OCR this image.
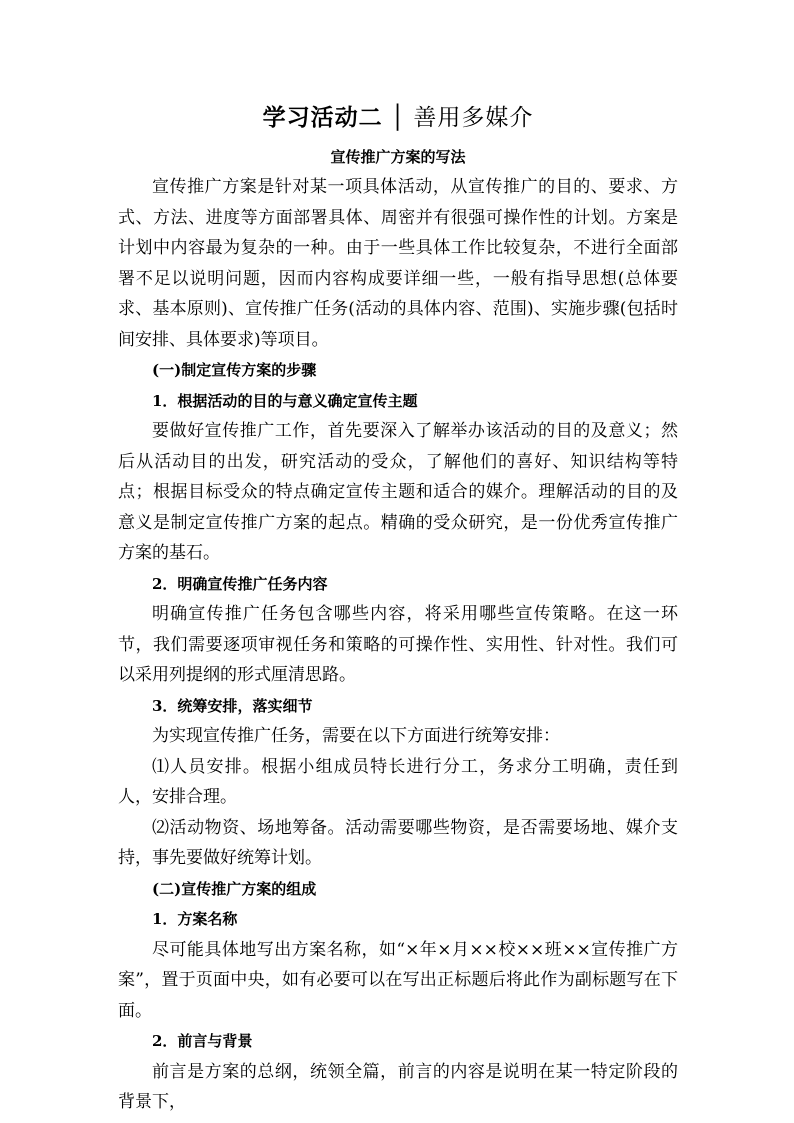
学习活动二 │ 善用多媒介

宣传推广方案的写法

宣传推广方案是针对某一项具体活动，从宣传推广的目的、要求、方式、方法、进度等方面部署具体、周密并有很强可操作性的计划。方案是计划中内容最为复杂的一种。由于一些具体工作比较复杂，不进行全面部署不足以说明问题，因而内容构成要详细一些，一般有指导思想(总体要求、基本原则)、宣传推广任务(活动的具体内容、范围)、实施步骤(包括时间安排、具体要求)等项目。

(一)制定宣传方案的步骤

1．根据活动的目的与意义确定宣传主题

要做好宣传推广工作，首先要深入了解举办该活动的目的及意义；然后从活动目的出发，研究活动的受众，了解他们的喜好、知识结构等特点；根据目标受众的特点确定宣传主题和适合的媒介。理解活动的目的及意义是制定宣传推广方案的起点。精确的受众研究，是一份优秀宣传推广方案的基石。

2．明确宣传推广任务内容

明确宣传推广任务包含哪些内容，将采用哪些宣传策略。在这一环节，我们需要逐项审视任务和策略的可操作性、实用性、针对性。我们可以采用列提纲的形式厘清思路。

3．统筹安排，落实细节

为实现宣传推广任务，需要在以下方面进行统筹安排：

⑴人员安排。根据小组成员特长进行分工，务求分工明确，责任到人，安排合理。

⑵活动物资、场地筹备。活动需要哪些物资，是否需要场地、媒介支持，事先要做好统筹计划。

(二)宣传推广方案的组成

1．方案名称

尽可能具体地写出方案名称，如“×年×月××校××班××宣传推广方案”，置于页面中央，如有必要可以在写出正标题后将此作为副标题写在下面。

2．前言与背景

前言是方案的总纲，统领全篇，前言的内容是说明在某一特定阶段的背景下，
